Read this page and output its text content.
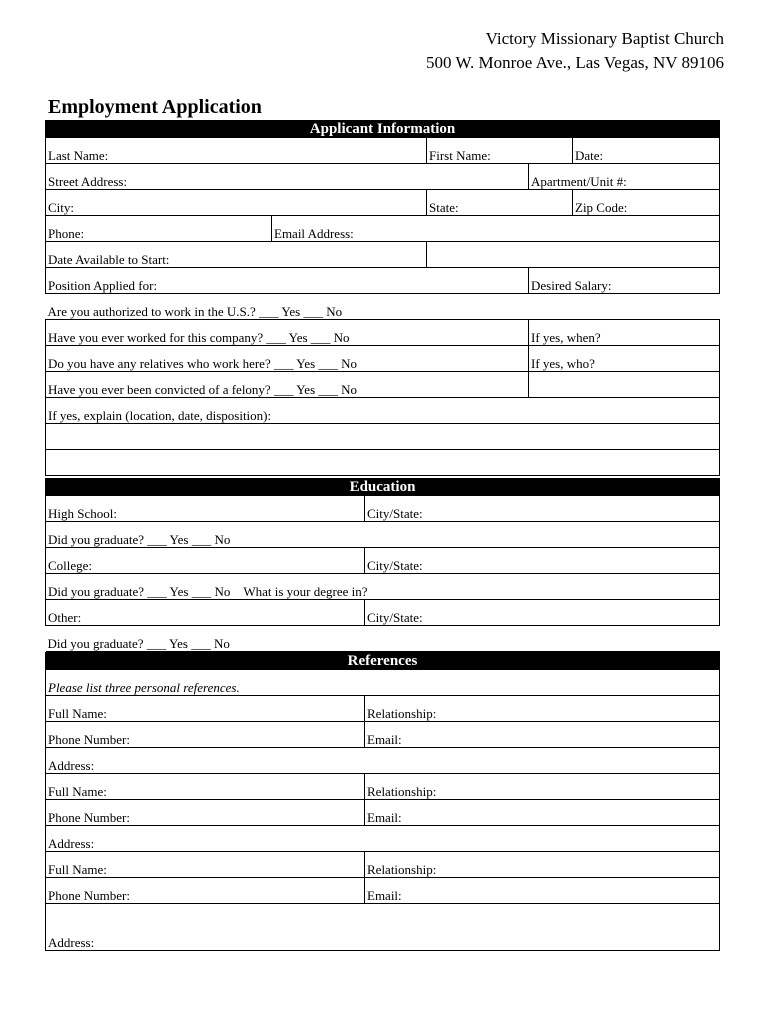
Victory Missionary Baptist Church
500 W. Monroe Ave., Las Vegas, NV 89106
Employment Application
Applicant Information				
Last Name:		First Name:		Date:
Street Address:			Apartment/Unit #:	
City:		State:		Zip Code:
Phone:	Email Address:			
Date Available to Start:				
Position Applied for:			Desired Salary:	
Are you authorized to work in the U.S.? ___ Yes ___ No				
Have you ever worked for this company? ___ Yes ___ No			If yes, when?	
Do you have any relatives who work here? ___ Yes ___ No			If yes, who?	
Have you ever been convicted of a felony? ___ Yes ___ No				
If yes, explain (location, date, disposition):				

Education	
High School:	City/State:
Did you graduate? ___ Yes ___ No	
College:	City/State:
Did you graduate? ___ Yes ___ No What is your degree in?	
Other:	City/State:
Did you graduate? ___ Yes ___ No	
References	
Please list three personal references.	
Full Name:	Relationship:
Phone Number:	Email:
Address:	
Full Name:	Relationship:
Phone Number:	Email:
Address:	
Full Name:	Relationship:
Phone Number:	Email:
Address:	
